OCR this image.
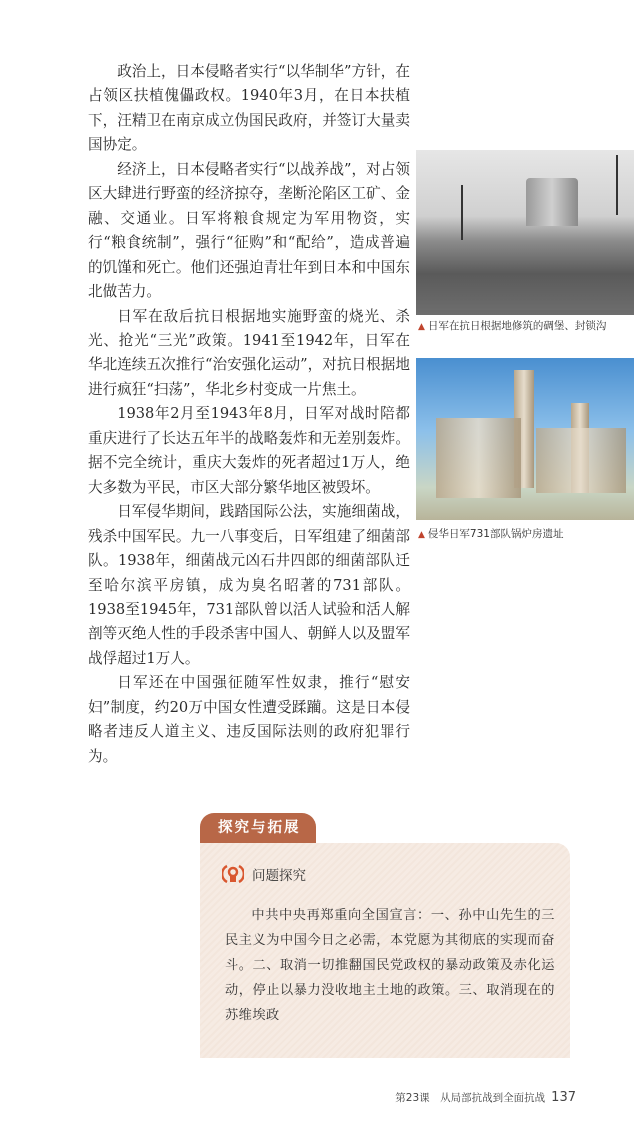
政治上，日本侵略者实行“以华制华”方针，在占领区扶植傀儡政权。1940年3月，在日本扶植下，汪精卫在南京成立伪国民政府，并签订大量卖国协定。

经济上，日本侵略者实行“以战养战”，对占领区大肆进行野蛮的经济掠夺，垄断沦陷区工矿、金融、交通业。日军将粮食规定为军用物资，实行“粮食统制”，强行“征购”和“配给”，造成普遍的饥馑和死亡。他们还强迫青壮年到日本和中国东北做苦力。

日军在敌后抗日根据地实施野蛮的烧光、杀光、抢光“三光”政策。1941至1942年，日军在华北连续五次推行“治安强化运动”，对抗日根据地进行疯狂“扫荡”，华北乡村变成一片焦土。

1938年2月至1943年8月，日军对战时陪都重庆进行了长达五年半的战略轰炸和无差别轰炸。据不完全统计，重庆大轰炸的死者超过1万人，绝大多数为平民，市区大部分繁华地区被毁坏。

日军侵华期间，践踏国际公法，实施细菌战，残杀中国军民。九一八事变后，日军组建了细菌部队。1938年，细菌战元凶石井四郎的细菌部队迁至哈尔滨平房镇，成为臭名昭著的731部队。1938至1945年，731部队曾以活人试验和活人解剖等灭绝人性的手段杀害中国人、朝鲜人以及盟军战俘超过1万人。

日军还在中国强征随军性奴隶，推行“慰安妇”制度，约20万中国女性遭受蹂躏。这是日本侵略者违反人道主义、违反国际法则的政府犯罪行为。

▲ 日军在抗日根据地修筑的碉堡、封锁沟
▲ 侵华日军731部队锅炉房遗址
探究与拓展
问题探究

中共中央再郑重向全国宣言：一、孙中山先生的三民主义为中国今日之必需，本党愿为其彻底的实现而奋斗。二、取消一切推翻国民党政权的暴动政策及赤化运动，停止以暴力没收地主土地的政策。三、取消现在的苏维埃政

第23课　从局部抗战到全面抗战 137
